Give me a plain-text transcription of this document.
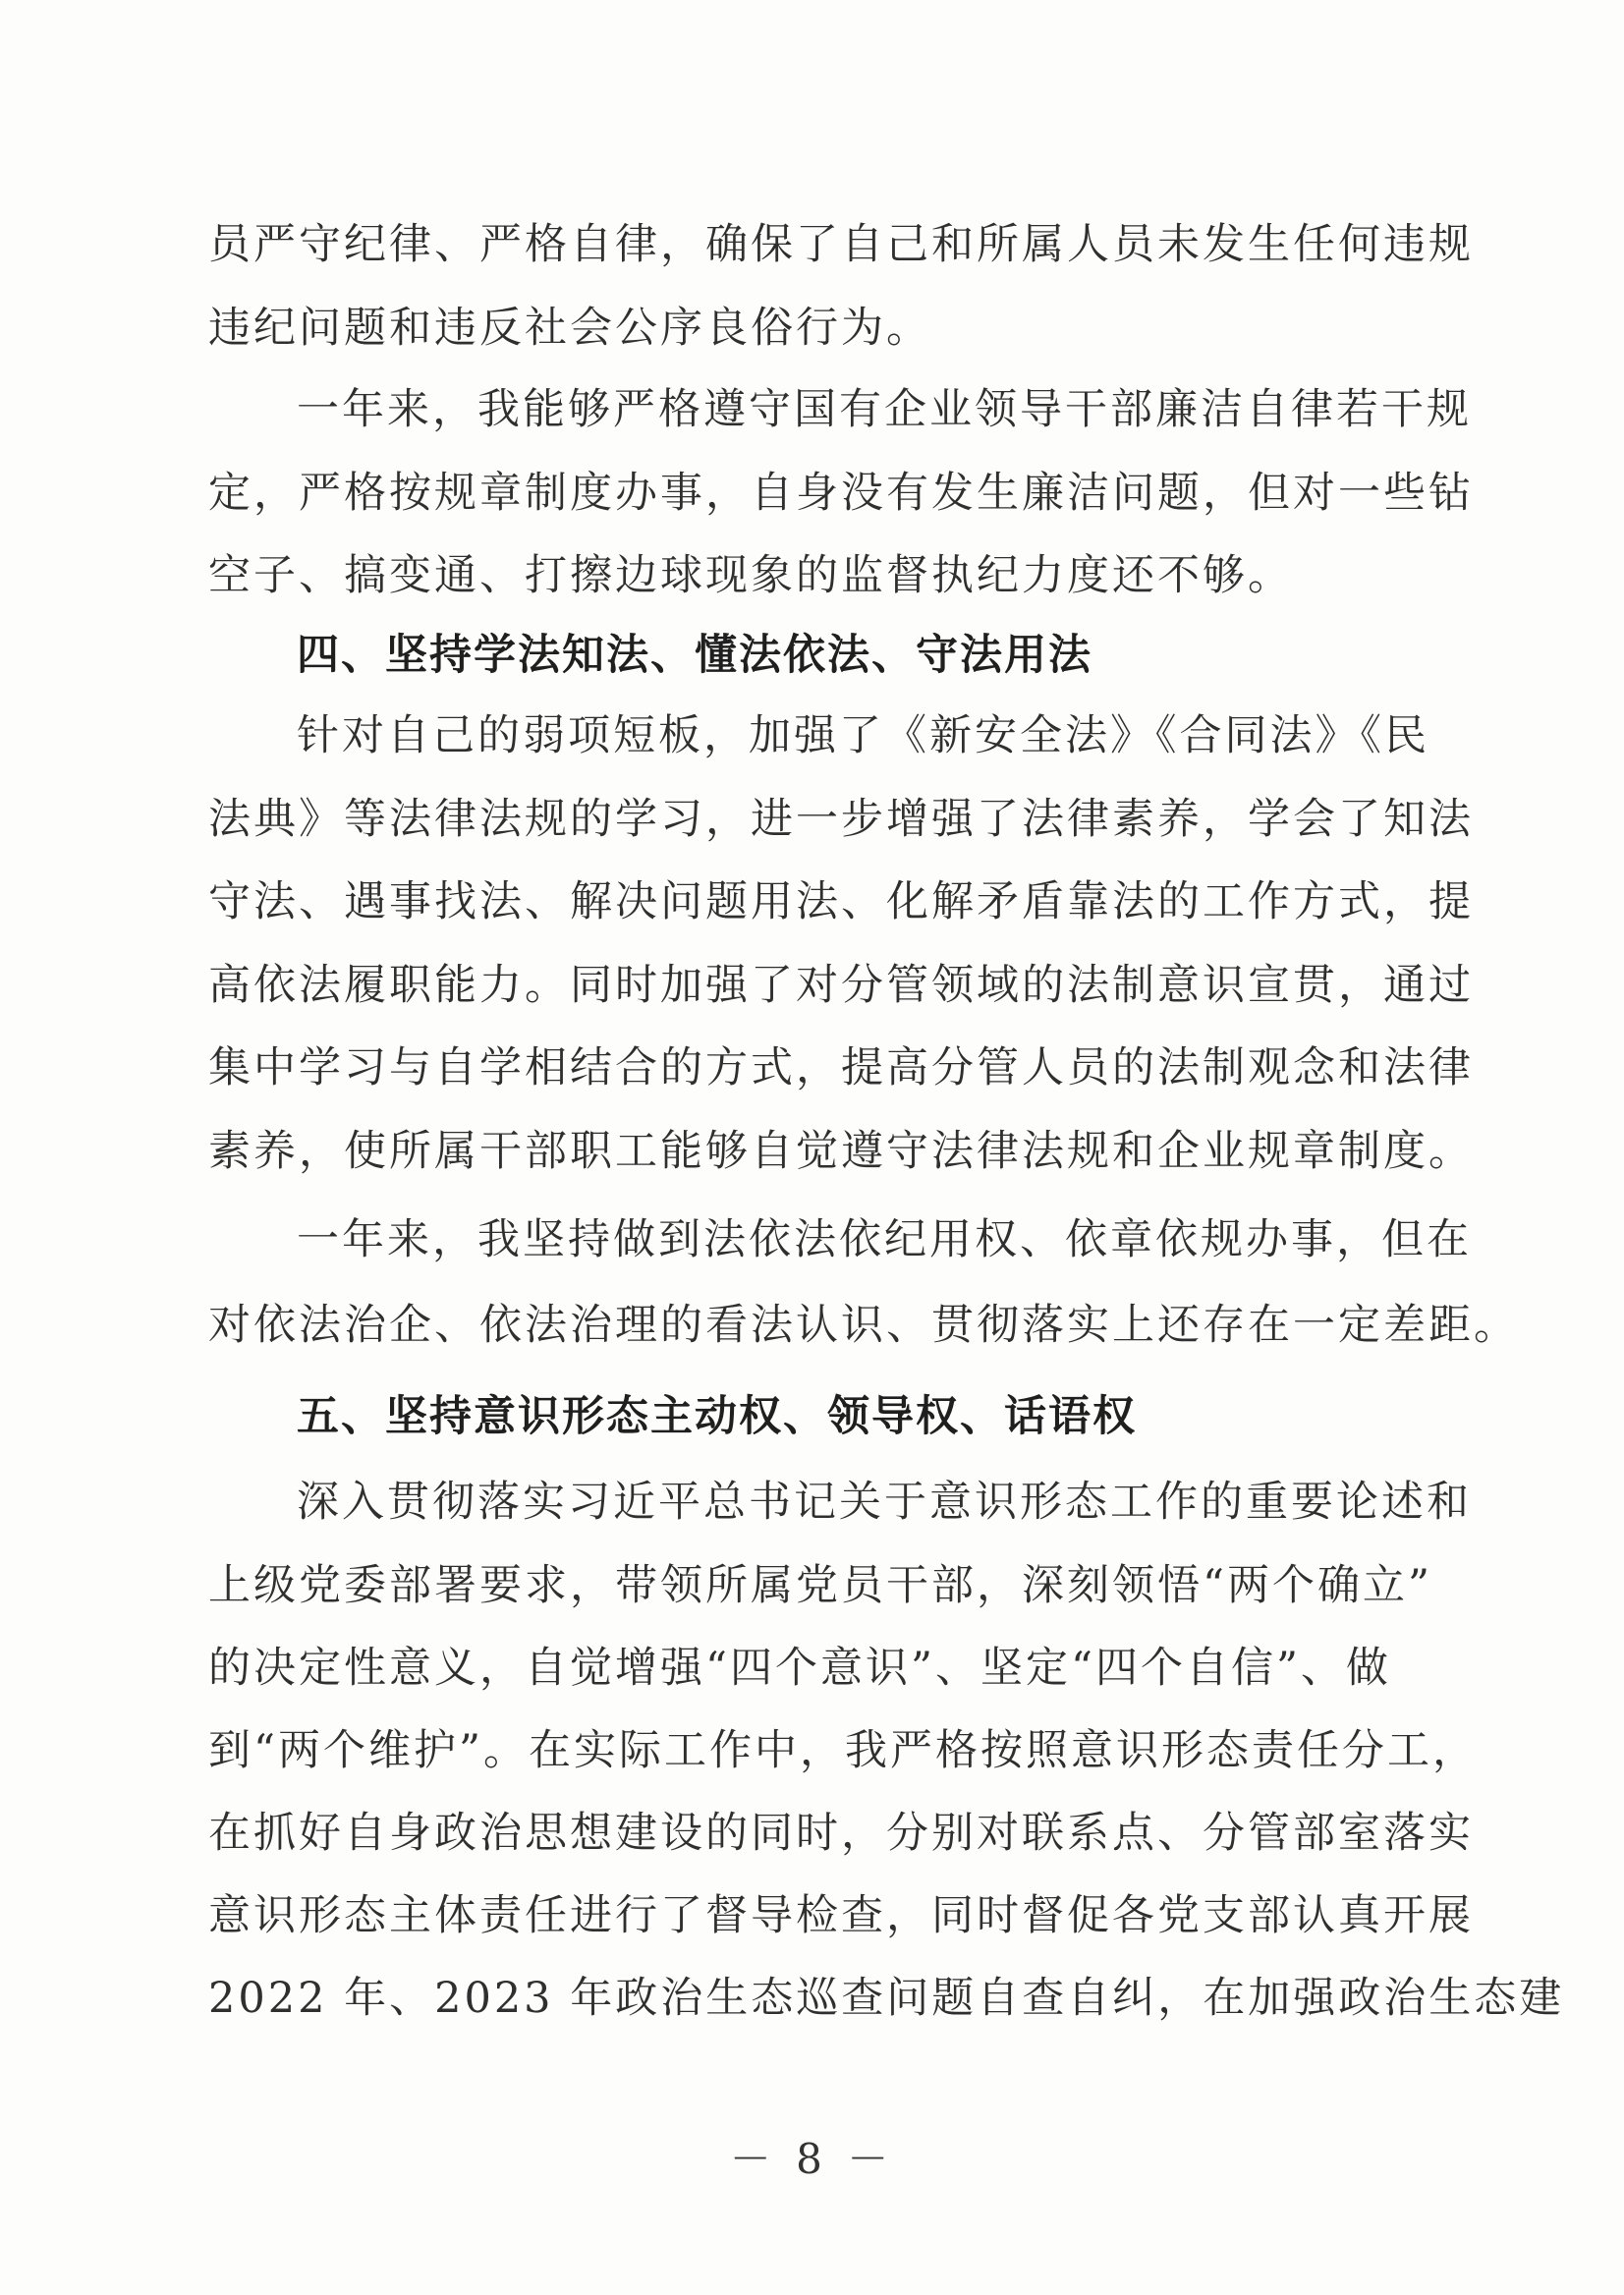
员严守纪律、严格自律，确保了自己和所属人员未发生任何违规
违纪问题和违反社会公序良俗行为。
一年来，我能够严格遵守国有企业领导干部廉洁自律若干规
定，严格按规章制度办事，自身没有发生廉洁问题，但对一些钻
空子、搞变通、打擦边球现象的监督执纪力度还不够。
四、坚持学法知法、懂法依法、守法用法
针对自己的弱项短板，加强了《新安全法》《合同法》《民
法典》等法律法规的学习，进一步增强了法律素养，学会了知法
守法、遇事找法、解决问题用法、化解矛盾靠法的工作方式，提
高依法履职能力。同时加强了对分管领域的法制意识宣贯，通过
集中学习与自学相结合的方式，提高分管人员的法制观念和法律
素养，使所属干部职工能够自觉遵守法律法规和企业规章制度。
一年来，我坚持做到法依法依纪用权、依章依规办事，但在
对依法治企、依法治理的看法认识、贯彻落实上还存在一定差距。
五、坚持意识形态主动权、领导权、话语权
深入贯彻落实习近平总书记关于意识形态工作的重要论述和
上级党委部署要求，带领所属党员干部，深刻领悟“两个确立”
的决定性意义，自觉增强“四个意识”、坚定“四个自信”、做
到“两个维护”。在实际工作中，我严格按照意识形态责任分工，
在抓好自身政治思想建设的同时，分别对联系点、分管部室落实
意识形态主体责任进行了督导检查，同时督促各党支部认真开展
2022 年、2023 年政治生态巡查问题自查自纠，在加强政治生态建
－ 8 －
